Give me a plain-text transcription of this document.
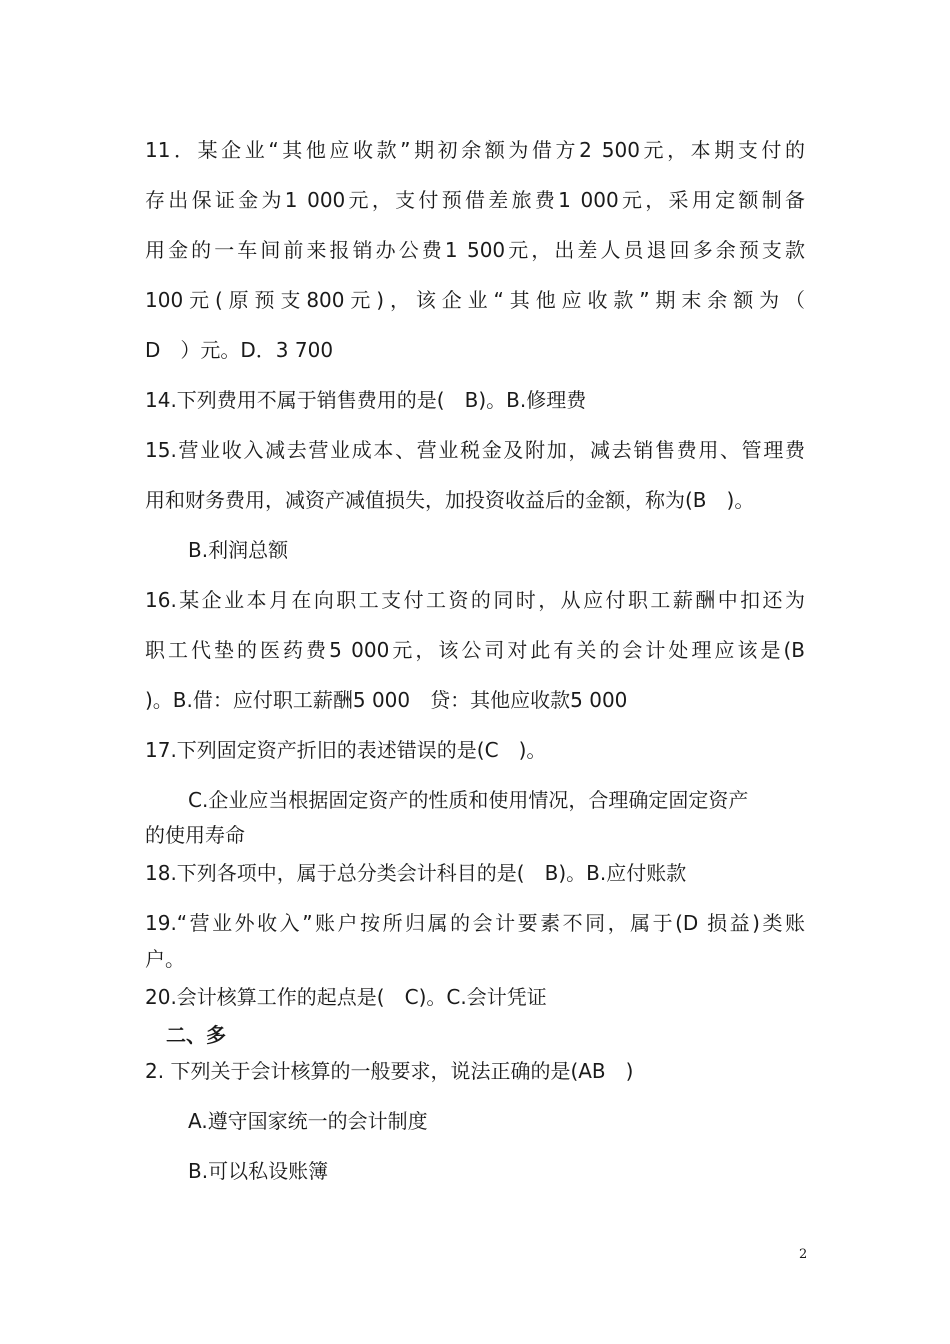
11．某企业“其他应收款”期初余额为借方2 500元，本期支付的
存出保证金为1 000元，支付预借差旅费1 000元，采用定额制备
用金的一车间前来报销办公费1 500元，出差人员退回多余预支款
100元(原预支800元)，该企业“其他应收款”期末余额为（
D　）元。D．3 700
14.下列费用不属于销售费用的是(　B)。B.修理费
15.营业收入减去营业成本、营业税金及附加，减去销售费用、管理费
用和财务费用，减资产减值损失，加投资收益后的金额，称为(B　)。
B.利润总额
16.某企业本月在向职工支付工资的同时，从应付职工薪酬中扣还为
职工代垫的医药费5 000元，该公司对此有关的会计处理应该是(B
)。B.借：应付职工薪酬5 000　贷：其他应收款5 000
17.下列固定资产折旧的表述错误的是(C　)。
C.企业应当根据固定资产的性质和使用情况，合理确定固定资产
的使用寿命
18.下列各项中，属于总分类会计科目的是(　B)。B.应付账款
19.“营业外收入”账户按所归属的会计要素不同，属于(D 损益)类账
户。
20.会计核算工作的起点是(　C)。C.会计凭证
二、多
2. 下列关于会计核算的一般要求，说法正确的是(AB　)
A.遵守国家统一的会计制度
B.可以私设账簿
2
